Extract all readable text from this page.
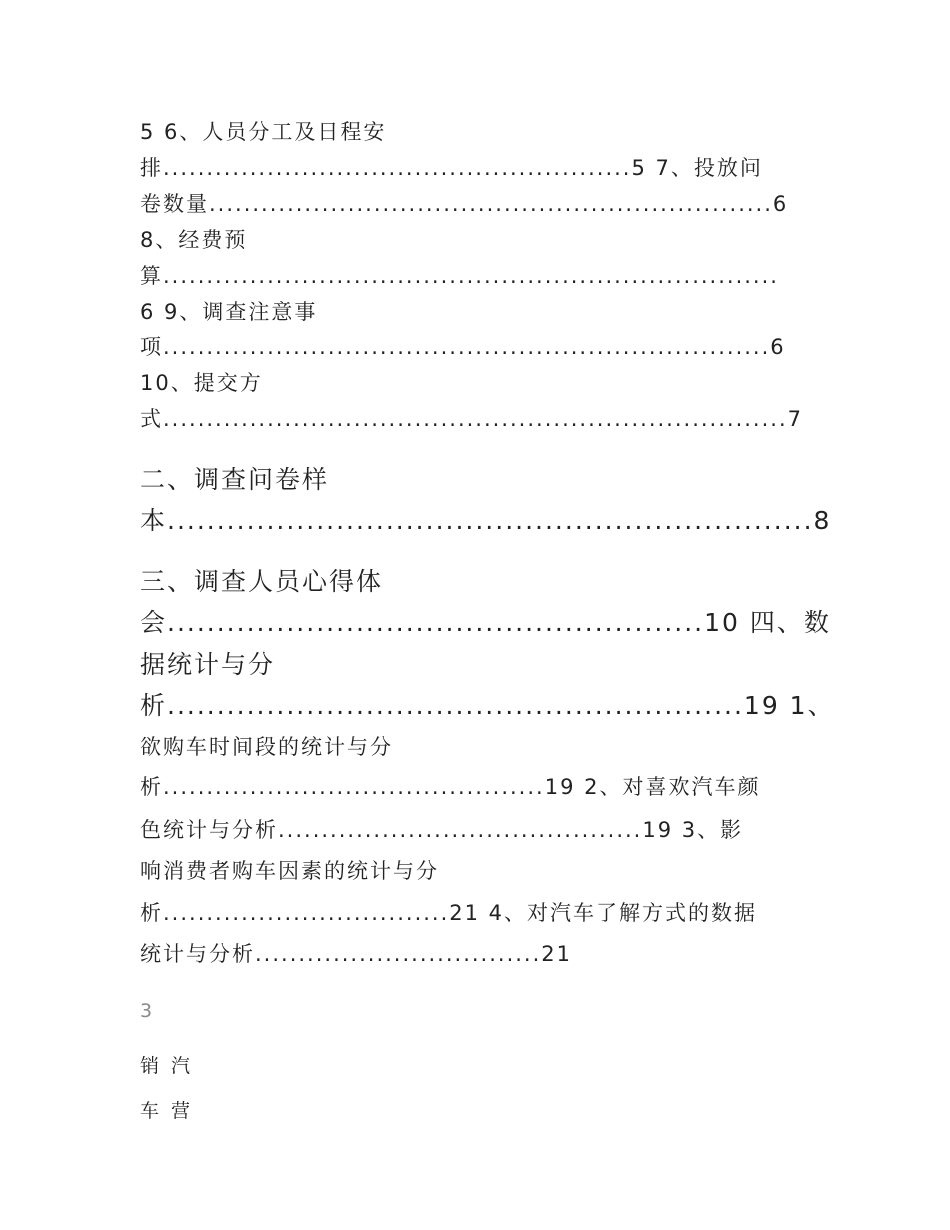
5 6、人员分工及日程安
排......................................................5 7、投放问
卷数量.................................................................6
8、经费预
算.......................................................................
6 9、调查注意事
项......................................................................6
10、提交方
式........................................................................7
二、调查问卷样
本.................................................................8
三、调查人员心得体
会......................................................10 四、数
据统计与分
析..........................................................19 1、
欲购车时间段的统计与分
析............................................19 2、对喜欢汽车颜
色统计与分析..........................................19 3、影
响消费者购车因素的统计与分
析.................................21 4、对汽车了解方式的数据
统计与分析.................................21
3
销 汽
车 营
